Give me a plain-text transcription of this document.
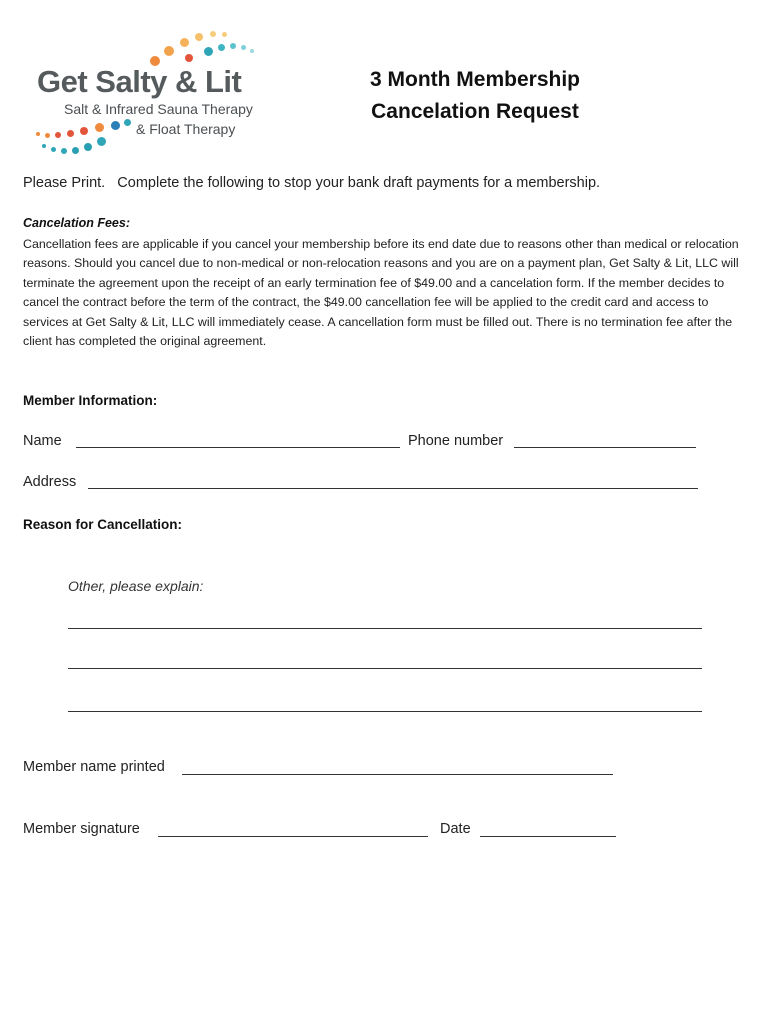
Get Salty & Lit
Salt & Infrared Sauna Therapy
& Float Therapy
3 Month Membership
Cancelation Request
Please Print.   Complete the following to stop your bank draft payments for a membership.
Cancelation Fees:
Cancellation fees are applicable if you cancel your membership before its end date due to reasons other than medical or relocation reasons. Should you cancel due to non-medical or non-relocation reasons and you are on a payment plan, Get Salty & Lit, LLC will terminate the agreement upon the receipt of an early termination fee of $49.00 and a cancelation form. If the member decides to cancel the contract before the term of the contract, the $49.00 cancellation fee will be applied to the credit card and access to services at Get Salty & Lit, LLC will immediately cease. A cancellation form must be filled out. There is no termination fee after the client has completed the original agreement.
Member Information:
Name	Phone number
Address
Reason for Cancellation:
Other, please explain:
Member name printed
Member signature	Date
